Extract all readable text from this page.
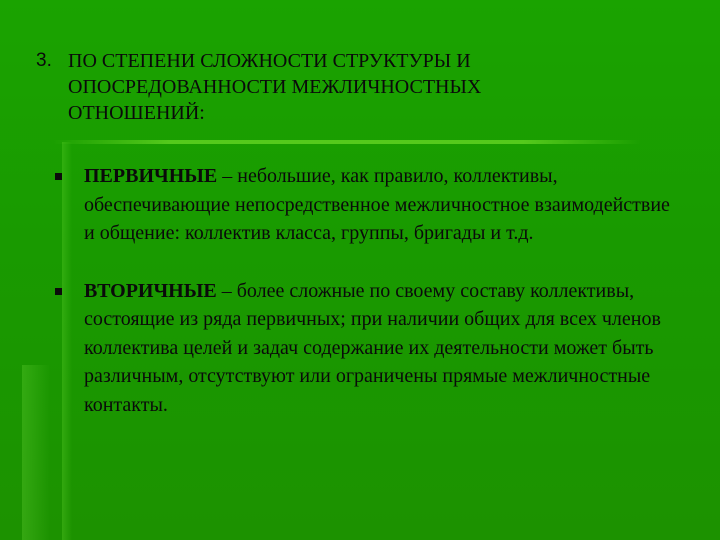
3. ПО СТЕПЕНИ СЛОЖНОСТИ СТРУКТУРЫ И
ОПОСРЕДОВАННОСТИ МЕЖЛИЧНОСТНЫХ
ОТНОШЕНИЙ:
ПЕРВИЧНЫЕ – небольшие, как правило, коллективы, обеспечивающие непосредственное межличностное взаимодействие и общение: коллектив класса, группы, бригады и т.д.
ВТОРИЧНЫЕ – более сложные по своему составу коллективы, состоящие из ряда первичных; при наличии общих для всех членов коллектива целей и задач содержание их деятельности может быть различным, отсутствуют или ограничены прямые межличностные контакты.
